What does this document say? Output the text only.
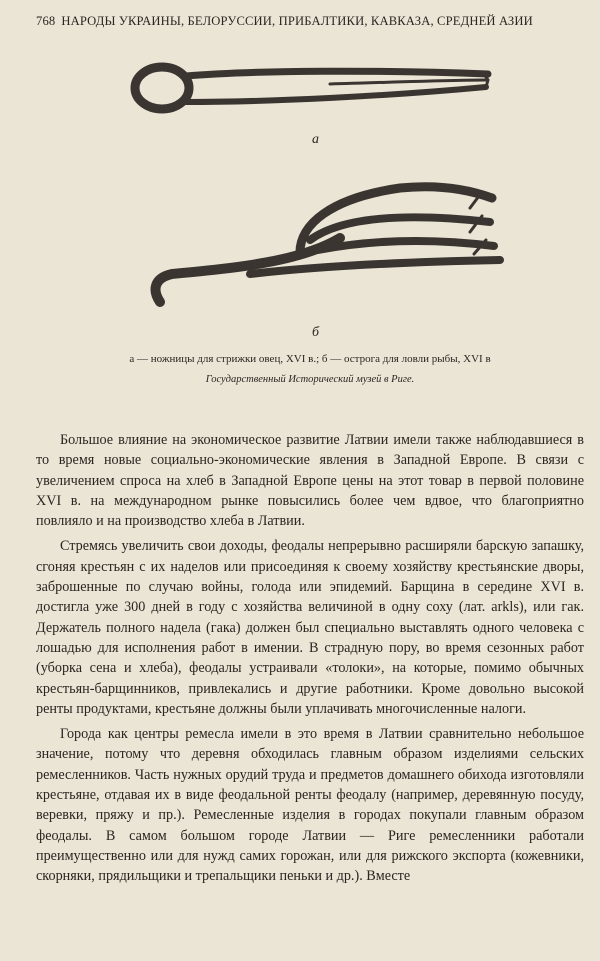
768 НАРОДЫ УКРАИНЫ, БЕЛОРУССИИ, ПРИБАЛТИКИ, КАВКАЗА, СРЕДНЕЙ АЗИИ
а
б
а — ножницы для стрижки овец, XVI в.; б — острога для ловли рыбы, XVI в
Государственный Исторический музей в Риге.

Большое влияние на экономическое развитие Латвии имели также наблюдавшиеся в то время новые социально-экономические явления в Западной Европе. В связи с увеличением спроса на хлеб в Западной Европе цены на этот товар в первой половине XVI в. на международном рынке повысились более чем вдвое, что благоприятно повлияло и на производство хлеба в Латвии.

Стремясь увеличить свои доходы, феодалы непрерывно расширяли барскую запашку, сгоняя крестьян с их наделов или присоединяя к своему хозяйству крестьянские дворы, заброшенные по случаю войны, голода или эпидемий. Барщина в середине XVI в. достигла уже 300 дней в году с хозяйства величиной в одну соху (лат. arkls), или гак. Держатель полного надела (гака) должен был специально выставлять одного человека с лошадью для исполнения работ в имении. В страдную пору, во время сезонных работ (уборка сена и хлеба), феодалы устраивали «толоки», на которые, помимо обычных крестьян-барщинников, привлекались и другие работники. Кроме довольно высокой ренты продуктами, крестьяне должны были уплачивать многочисленные налоги.

Города как центры ремесла имели в это время в Латвии сравнительно небольшое значение, потому что деревня обходилась главным образом изделиями сельских ремесленников. Часть нужных орудий труда и предметов домашнего обихода изготовляли крестьяне, отдавая их в виде феодальной ренты феодалу (например, деревянную посуду, веревки, пряжу и пр.). Ремесленные изделия в городах покупали главным образом феодалы. В самом большом городе Латвии — Риге ремесленники работали преимущественно или для нужд самих горожан, или для рижского экспорта (кожевники, скорняки, прядильщики и трепальщики пеньки и др.). Вместе
